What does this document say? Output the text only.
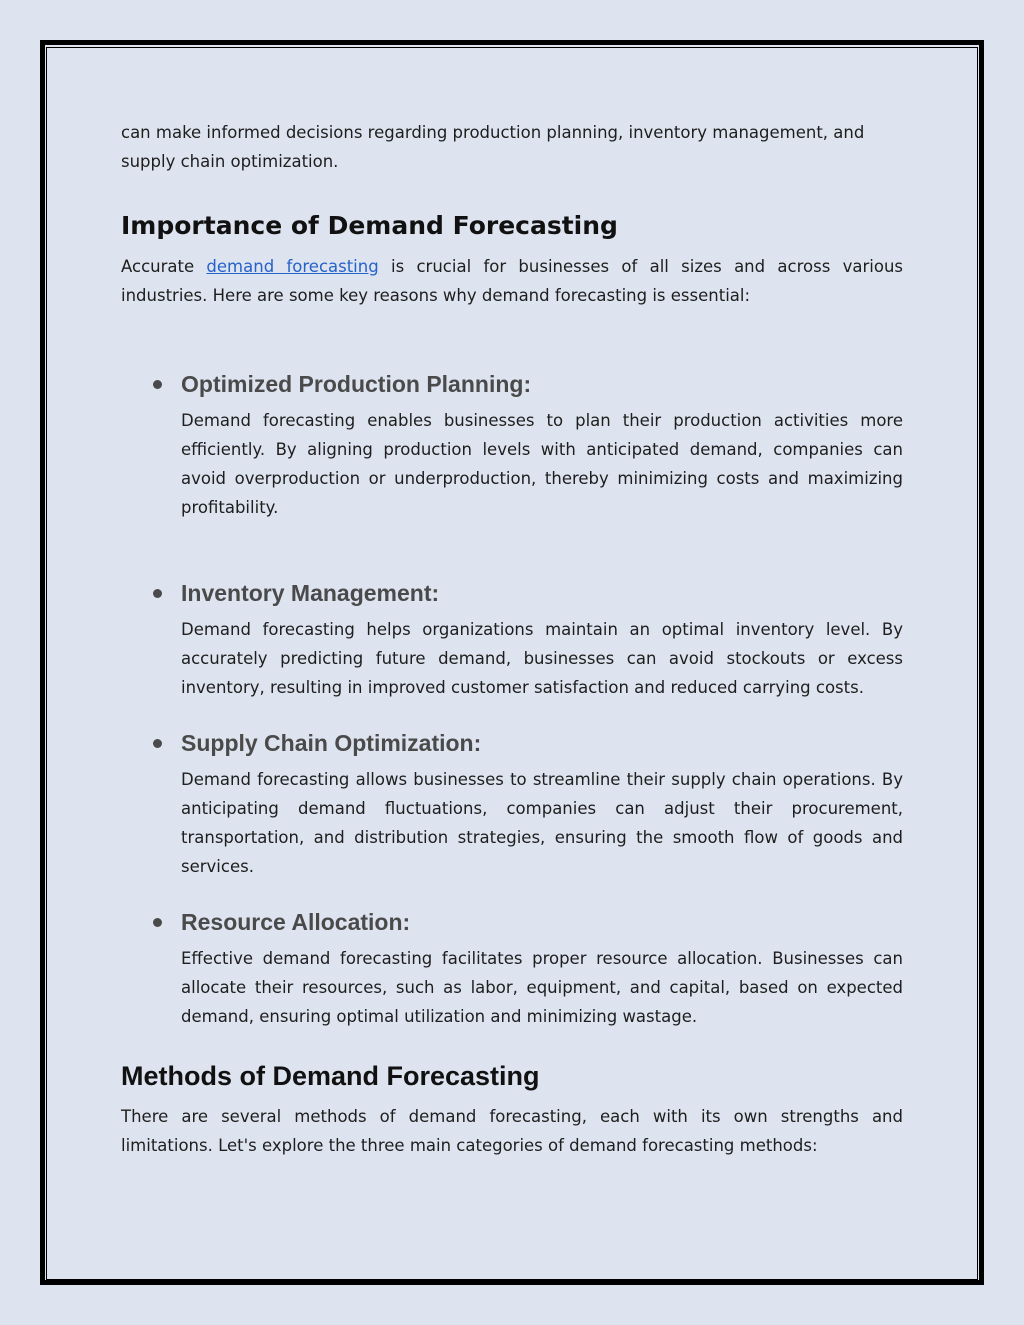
can make informed decisions regarding production planning, inventory management, and supply chain optimization.

Importance of Demand Forecasting

Accurate demand forecasting is crucial for businesses of all sizes and across various industries. Here are some key reasons why demand forecasting is essential:

Optimized Production Planning:

Demand forecasting enables businesses to plan their production activities more efficiently. By aligning production levels with anticipated demand, companies can avoid overproduction or underproduction, thereby minimizing costs and maximizing profitability.

Inventory Management:

Demand forecasting helps organizations maintain an optimal inventory level. By accurately predicting future demand, businesses can avoid stockouts or excess inventory, resulting in improved customer satisfaction and reduced carrying costs.

Supply Chain Optimization:

Demand forecasting allows businesses to streamline their supply chain operations. By anticipating demand fluctuations, companies can adjust their procurement, transportation, and distribution strategies, ensuring the smooth flow of goods and services.

Resource Allocation:

Effective demand forecasting facilitates proper resource allocation. Businesses can allocate their resources, such as labor, equipment, and capital, based on expected demand, ensuring optimal utilization and minimizing wastage.

Methods of Demand Forecasting

There are several methods of demand forecasting, each with its own strengths and limitations. Let's explore the three main categories of demand forecasting methods:
